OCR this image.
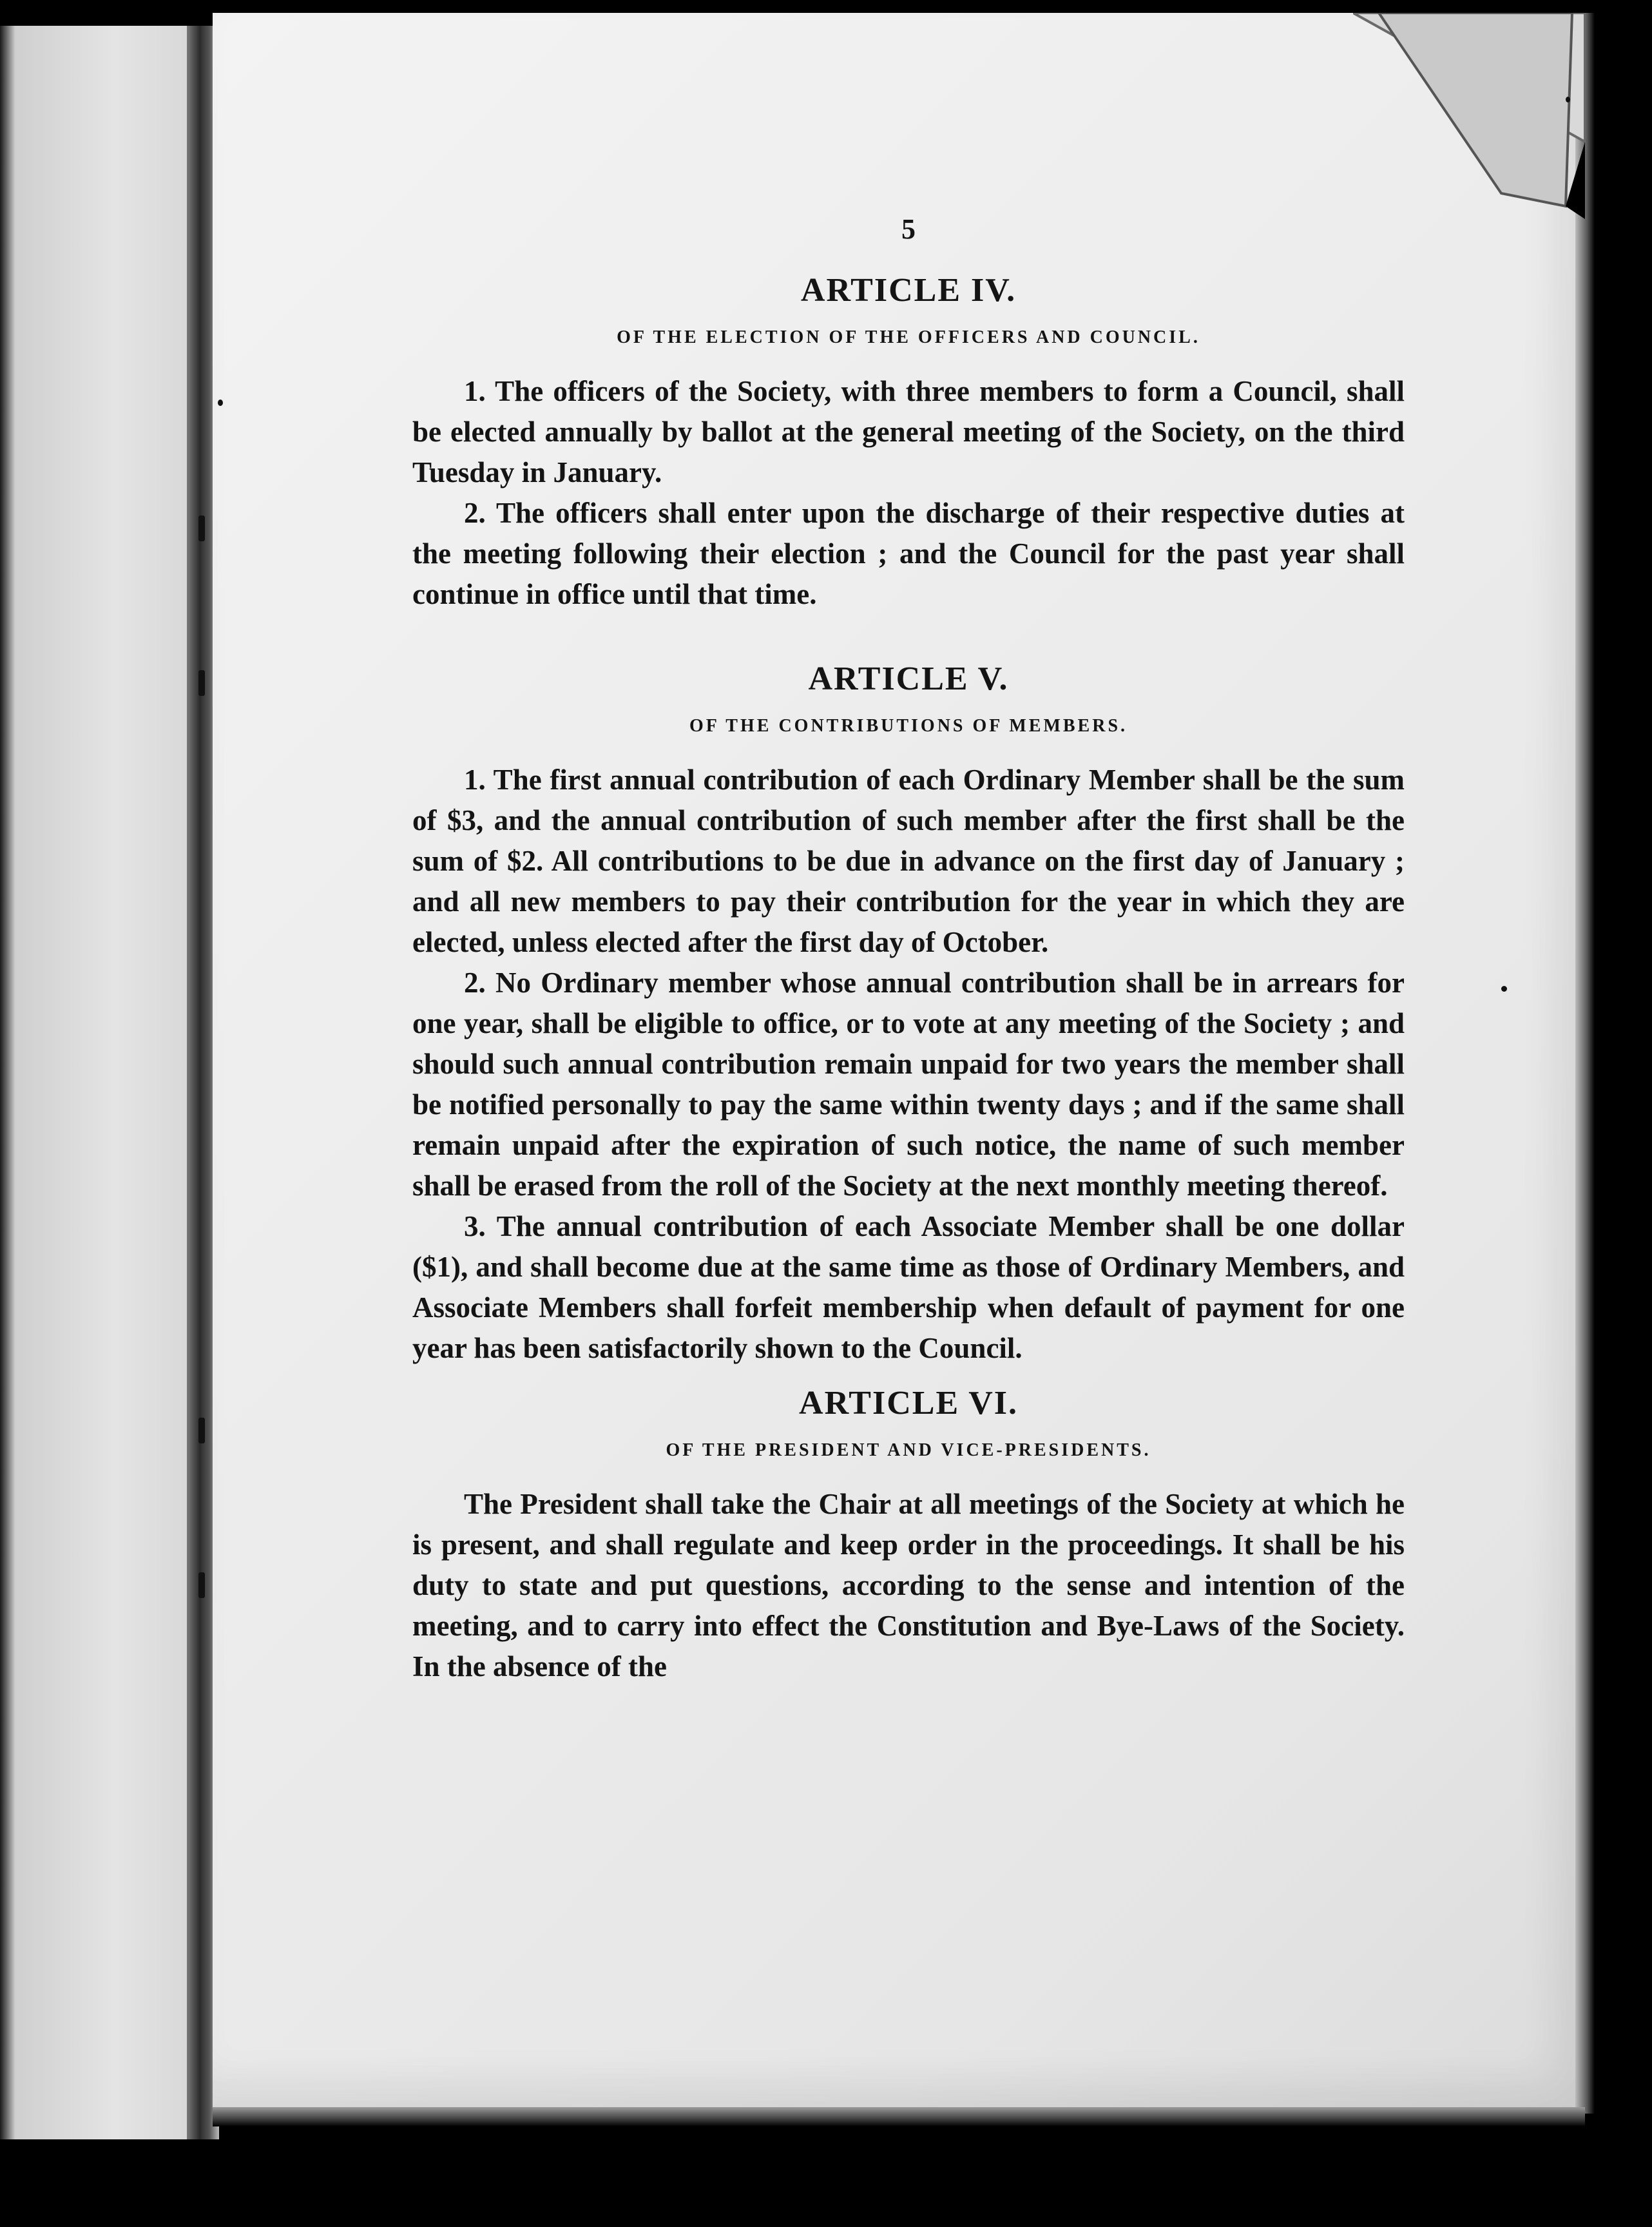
5
ARTICLE IV.
OF THE ELECTION OF THE OFFICERS AND COUNCIL.

1. The officers of the Society, with three members to form a Council, shall be elected annually by ballot at the general meeting of the Society, on the third Tuesday in January.

2. The officers shall enter upon the discharge of their respective duties at the meeting following their election ; and the Council for the past year shall continue in office until that time.

ARTICLE V.
OF THE CONTRIBUTIONS OF MEMBERS.

1. The first annual contribution of each Ordinary Member shall be the sum of $3, and the annual contribution of such member after the first shall be the sum of $2. All contributions to be due in advance on the first day of January ; and all new members to pay their contribution for the year in which they are elected, unless elected after the first day of October.

2. No Ordinary member whose annual contribution shall be in arrears for one year, shall be eligible to office, or to vote at any meeting of the Society ; and should such annual contribution remain unpaid for two years the member shall be notified personally to pay the same within twenty days ; and if the same shall remain unpaid after the expiration of such notice, the name of such member shall be erased from the roll of the Society at the next monthly meeting thereof.

3. The annual contribution of each Associate Member shall be one dollar ($1), and shall become due at the same time as those of Ordinary Members, and Associate Members shall forfeit membership when default of payment for one year has been satisfactorily shown to the Council.

ARTICLE VI.
OF THE PRESIDENT AND VICE-PRESIDENTS.

The President shall take the Chair at all meetings of the Society at which he is present, and shall regulate and keep order in the proceedings. It shall be his duty to state and put questions, according to the sense and intention of the meeting, and to carry into effect the Constitution and Bye-Laws of the Society. In the absence of the
